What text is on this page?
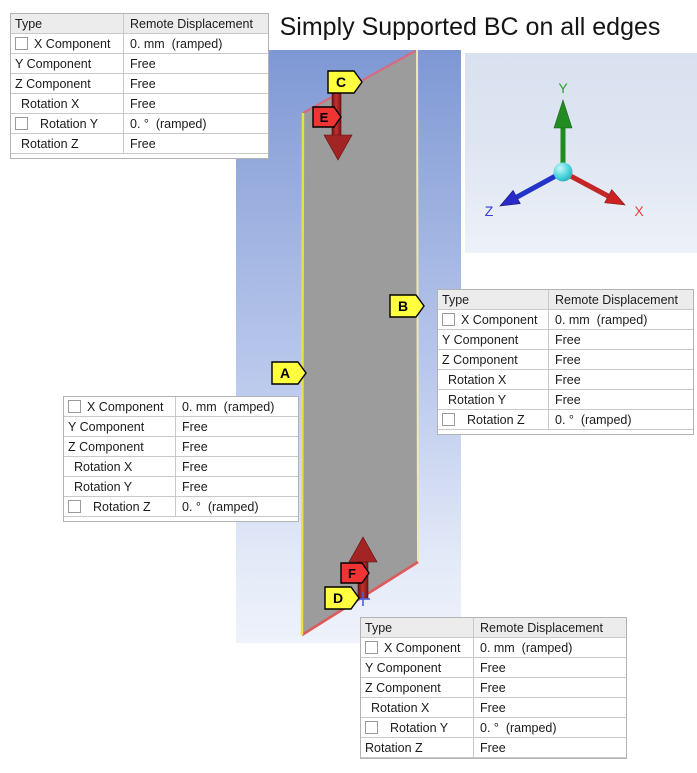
Simply Supported BC on all edges
C
E
B
A
F
D
Y
X
Z
Type	Remote Displacement
X Component	0. mm  (ramped)
Y Component	Free
Z Component	Free
Rotation X	Free
Rotation Y	0. °  (ramped)
Rotation Z	Free
Type	Remote Displacement
X Component	0. mm  (ramped)
Y Component	Free
Z Component	Free
Rotation X	Free
Rotation Y	Free
Rotation Z	0. °  (ramped)
X Component	0. mm  (ramped)
Y Component	Free
Z Component	Free
Rotation X	Free
Rotation Y	Free
Rotation Z	0. °  (ramped)
Type	Remote Displacement
X Component	0. mm  (ramped)
Y Component	Free
Z Component	Free
Rotation X	Free
Rotation Y	0. °  (ramped)
Rotation Z	Free
